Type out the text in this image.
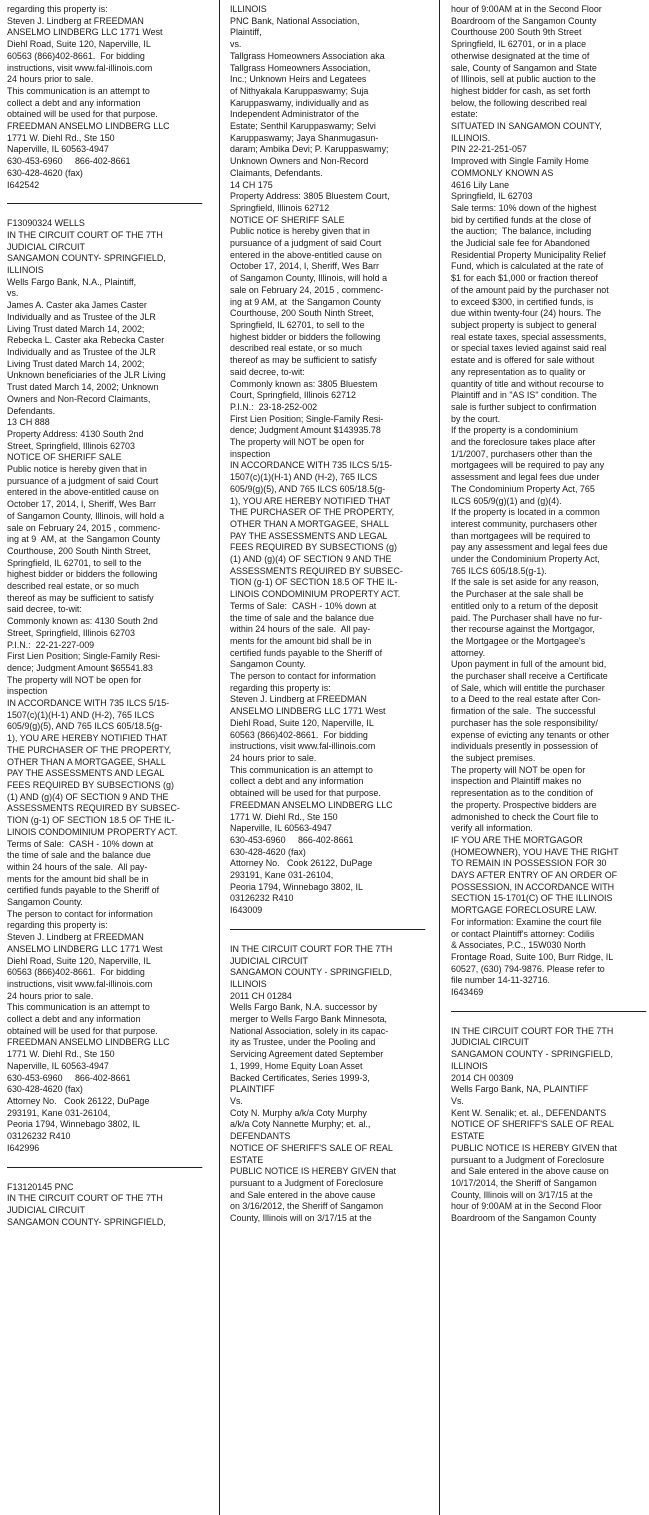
regarding this property is:
Steven J. Lindberg at FREEDMAN
ANSELMO LINDBERG LLC 1771 West
Diehl Road, Suite 120, Naperville, IL
60563 (866)402-8661.  For bidding
instructions, visit www.fal-illinois.com
24 hours prior to sale.
This communication is an attempt to
collect a debt and any information
obtained will be used for that purpose.
FREEDMAN ANSELMO LINDBERG LLC
1771 W. Diehl Rd., Ste 150
Naperville, IL 60563-4947
630-453-6960     866-402-8661
630-428-4620 (fax)
I642542
F13090324 WELLS
IN THE CIRCUIT COURT OF THE 7TH
JUDICIAL CIRCUIT
SANGAMON COUNTY- SPRINGFIELD,
ILLINOIS
Wells Fargo Bank, N.A., Plaintiff,
vs.
James A. Caster aka James Caster
Individually and as Trustee of the JLR
Living Trust dated March 14, 2002;
Rebecka L. Caster aka Rebecka Caster
Individually and as Trustee of the JLR
Living Trust dated March 14, 2002;
Unknown beneficiaries of the JLR Living
Trust dated March 14, 2002; Unknown
Owners and Non-Record Claimants,
Defendants.
13 CH 888
Property Address: 4130 South 2nd
Street, Springfield, Illinois 62703
NOTICE OF SHERIFF SALE
Public notice is hereby given that in
pursuance of a judgment of said Court
entered in the above-entitled cause on
October 17, 2014, I, Sheriff, Wes Barr
of Sangamon County, Illinois, will hold a
sale on February 24, 2015 , commenc-
ing at 9  AM, at  the Sangamon County
Courthouse, 200 South Ninth Street,
Springfield, IL 62701, to sell to the
highest bidder or bidders the following
described real estate, or so much
thereof as may be sufficient to satisfy
said decree, to-wit:
Commonly known as: 4130 South 2nd
Street, Springfield, Illinois 62703
P.I.N.:  22-21-227-009
First Lien Position; Single-Family Resi-
dence; Judgment Amount $65541.83
The property will NOT be open for
inspection
IN ACCORDANCE WITH 735 ILCS 5/15-
1507(c)(1)(H-1) AND (H-2), 765 ILCS
605/9(g)(5), AND 765 ILCS 605/18.5(g-
1), YOU ARE HEREBY NOTIFIED THAT
THE PURCHASER OF THE PROPERTY,
OTHER THAN A MORTGAGEE, SHALL
PAY THE ASSESSMENTS AND LEGAL
FEES REQUIRED BY SUBSECTIONS (g)
(1) AND (g)(4) OF SECTION 9 AND THE
ASSESSMENTS REQUIRED BY SUBSEC-
TION (g-1) OF SECTION 18.5 OF THE IL-
LINOIS CONDOMINIUM PROPERTY ACT.
Terms of Sale:  CASH - 10% down at
the time of sale and the balance due
within 24 hours of the sale.  All pay-
ments for the amount bid shall be in
certified funds payable to the Sheriff of
Sangamon County.
The person to contact for information
regarding this property is:
Steven J. Lindberg at FREEDMAN
ANSELMO LINDBERG LLC 1771 West
Diehl Road, Suite 120, Naperville, IL
60563 (866)402-8661.  For bidding
instructions, visit www.fal-illinois.com
24 hours prior to sale.
This communication is an attempt to
collect a debt and any information
obtained will be used for that purpose.
FREEDMAN ANSELMO LINDBERG LLC
1771 W. Diehl Rd., Ste 150
Naperville, IL 60563-4947
630-453-6960     866-402-8661
630-428-4620 (fax)
Attorney No.   Cook 26122, DuPage
293191, Kane 031-26104,
Peoria 1794, Winnebago 3802, IL
03126232 R410
I642996
F13120145 PNC
IN THE CIRCUIT COURT OF THE 7TH
JUDICIAL CIRCUIT
SANGAMON COUNTY- SPRINGFIELD,
ILLINOIS
PNC Bank, National Association,
Plaintiff,
vs.
Tallgrass Homeowners Association aka
Tallgrass Homeowners Association,
Inc.; Unknown Heirs and Legatees
of Nithyakala Karuppaswamy; Suja
Karuppaswamy, individually and as
Independent Administrator of the
Estate; Senthil Karuppaswamy; Selvi
Karuppaswamy; Jaya Shanmugasun-
daram; Ambika Devi; P. Karuppaswamy;
Unknown Owners and Non-Record
Claimants, Defendants.
14 CH 175
Property Address: 3805 Bluestem Court,
Springfield, Illinois 62712
NOTICE OF SHERIFF SALE
Public notice is hereby given that in
pursuance of a judgment of said Court
entered in the above-entitled cause on
October 17, 2014, I, Sheriff, Wes Barr
of Sangamon County, Illinois, will hold a
sale on February 24, 2015 , commenc-
ing at 9 AM, at  the Sangamon County
Courthouse, 200 South Ninth Street,
Springfield, IL 62701, to sell to the
highest bidder or bidders the following
described real estate, or so much
thereof as may be sufficient to satisfy
said decree, to-wit:
Commonly known as: 3805 Bluestem
Court, Springfield, Illinois 62712
P.I.N.:  23-18-252-002
First Lien Position; Single-Family Resi-
dence; Judgment Amount $143935.78
The property will NOT be open for
inspection
IN ACCORDANCE WITH 735 ILCS 5/15-
1507(c)(1)(H-1) AND (H-2), 765 ILCS
605/9(g)(5), AND 765 ILCS 605/18.5(g-
1), YOU ARE HEREBY NOTIFIED THAT
THE PURCHASER OF THE PROPERTY,
OTHER THAN A MORTGAGEE, SHALL
PAY THE ASSESSMENTS AND LEGAL
FEES REQUIRED BY SUBSECTIONS (g)
(1) AND (g)(4) OF SECTION 9 AND THE
ASSESSMENTS REQUIRED BY SUBSEC-
TION (g-1) OF SECTION 18.5 OF THE IL-
LINOIS CONDOMINIUM PROPERTY ACT.
Terms of Sale:  CASH - 10% down at
the time of sale and the balance due
within 24 hours of the sale.  All pay-
ments for the amount bid shall be in
certified funds payable to the Sheriff of
Sangamon County.
The person to contact for information
regarding this property is:
Steven J. Lindberg at FREEDMAN
ANSELMO LINDBERG LLC 1771 West
Diehl Road, Suite 120, Naperville, IL
60563 (866)402-8661.  For bidding
instructions, visit www.fal-illinois.com
24 hours prior to sale.
This communication is an attempt to
collect a debt and any information
obtained will be used for that purpose.
FREEDMAN ANSELMO LINDBERG LLC
1771 W. Diehl Rd., Ste 150
Naperville, IL 60563-4947
630-453-6960     866-402-8661
630-428-4620 (fax)
Attorney No.   Cook 26122, DuPage
293191, Kane 031-26104,
Peoria 1794, Winnebago 3802, IL
03126232 R410
I643009
IN THE CIRCUIT COURT FOR THE 7TH
JUDICIAL CIRCUIT
SANGAMON COUNTY - SPRINGFIELD,
ILLINOIS
2011 CH 01284
Wells Fargo Bank, N.A. successor by
merger to Wells Fargo Bank Minnesota,
National Association, solely in its capac-
ity as Trustee, under the Pooling and
Servicing Agreement dated September
1, 1999, Home Equity Loan Asset
Backed Certificates, Series 1999-3,
PLAINTIFF
Vs.
Coty N. Murphy a/k/a Coty Murphy
a/k/a Coty Nannette Murphy; et. al.,
DEFENDANTS
NOTICE OF SHERIFF'S SALE OF REAL
ESTATE
PUBLIC NOTICE IS HEREBY GIVEN that
pursuant to a Judgment of Foreclosure
and Sale entered in the above cause
on 3/16/2012, the Sheriff of Sangamon
County, Illinois will on 3/17/15 at the
hour of 9:00AM at in the Second Floor
Boardroom of the Sangamon County
Courthouse 200 South 9th Street
Springfield, IL 62701, or in a place
otherwise designated at the time of
sale, County of Sangamon and State
of Illinois, sell at public auction to the
highest bidder for cash, as set forth
below, the following described real
estate:
SITUATED IN SANGAMON COUNTY,
ILLINOIS.
PIN 22-21-251-057
Improved with Single Family Home
COMMONLY KNOWN AS
4616 Lily Lane
Springfield, IL 62703
Sale terms: 10% down of the highest
bid by certified funds at the close of
the auction;  The balance, including
the Judicial sale fee for Abandoned
Residential Property Municipality Relief
Fund, which is calculated at the rate of
$1 for each $1,000 or fraction thereof
of the amount paid by the purchaser not
to exceed $300, in certified funds, is
due within twenty-four (24) hours. The
subject property is subject to general
real estate taxes, special assessments,
or special taxes levied against said real
estate and is offered for sale without
any representation as to quality or
quantity of title and without recourse to
Plaintiff and in "AS IS" condition. The
sale is further subject to confirmation
by the court.
If the property is a condominium
and the foreclosure takes place after
1/1/2007, purchasers other than the
mortgagees will be required to pay any
assessment and legal fees due under
The Condominium Property Act, 765
ILCS 605/9(g)(1) and (g)(4).
If the property is located in a common
interest community, purchasers other
than mortgagees will be required to
pay any assessment and legal fees due
under the Condominium Property Act,
765 ILCS 605/18.5(g-1).
If the sale is set aside for any reason,
the Purchaser at the sale shall be
entitled only to a return of the deposit
paid. The Purchaser shall have no fur-
ther recourse against the Mortgagor,
the Mortgagee or the Mortgagee's
attorney.
Upon payment in full of the amount bid,
the purchaser shall receive a Certificate
of Sale, which will entitle the purchaser
to a Deed to the real estate after Con-
firmation of the sale.  The successful
purchaser has the sole responsibility/
expense of evicting any tenants or other
individuals presently in possession of
the subject premises.
The property will NOT be open for
inspection and Plaintiff makes no
representation as to the condition of
the property. Prospective bidders are
admonished to check the Court file to
verify all information.
IF YOU ARE THE MORTGAGOR
(HOMEOWNER), YOU HAVE THE RIGHT
TO REMAIN IN POSSESSION FOR 30
DAYS AFTER ENTRY OF AN ORDER OF
POSSESSION, IN ACCORDANCE WITH
SECTION 15-1701(C) OF THE ILLINOIS
MORTGAGE FORECLOSURE LAW.
For information: Examine the court file
or contact Plaintiff's attorney: Codilis
& Associates, P.C., 15W030 North
Frontage Road, Suite 100, Burr Ridge, IL
60527, (630) 794-9876. Please refer to
file number 14-11-32716.
I643469
IN THE CIRCUIT COURT FOR THE 7TH
JUDICIAL CIRCUIT
SANGAMON COUNTY - SPRINGFIELD,
ILLINOIS
2014 CH 00309
Wells Fargo Bank, NA, PLAINTIFF
Vs.
Kent W. Senalik; et. al., DEFENDANTS
NOTICE OF SHERIFF'S SALE OF REAL
ESTATE
PUBLIC NOTICE IS HEREBY GIVEN that
pursuant to a Judgment of Foreclosure
and Sale entered in the above cause on
10/17/2014, the Sheriff of Sangamon
County, Illinois will on 3/17/15 at the
hour of 9:00AM at in the Second Floor
Boardroom of the Sangamon County
